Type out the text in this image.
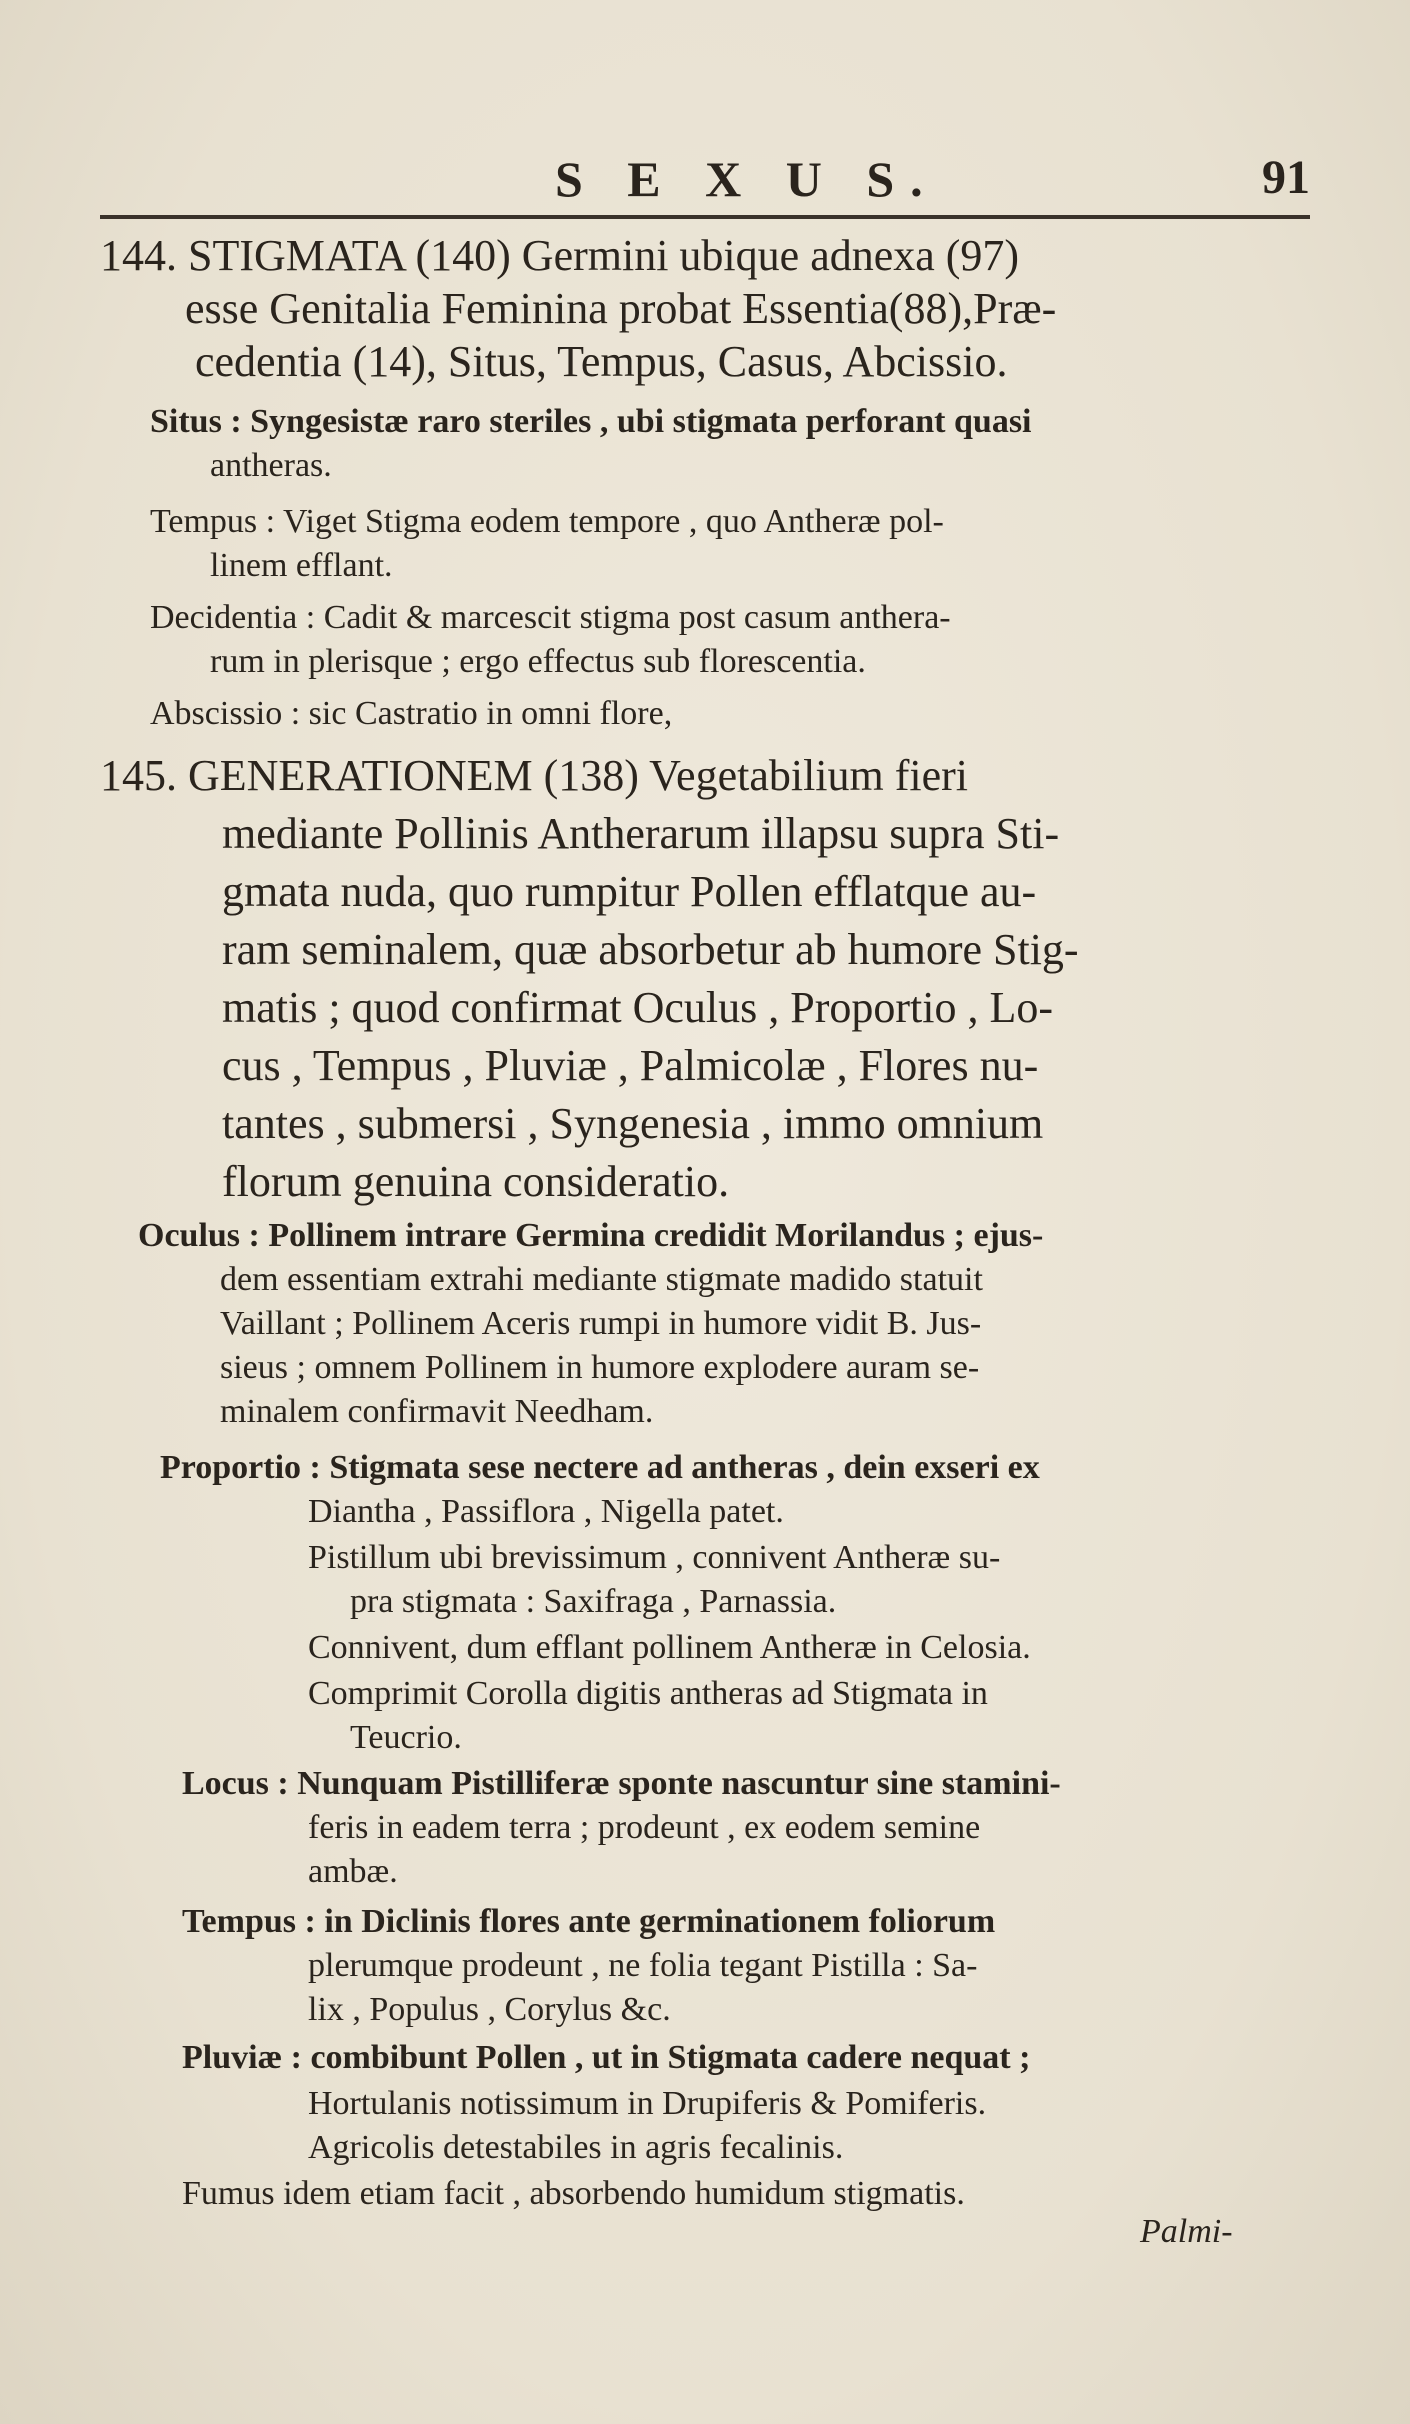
S E X U S.	91
144. STIGMATA (140) Germini ubique adnexa (97)
esse Genitalia Feminina probat Essentia(88),Præ-
cedentia (14), Situs, Tempus, Casus, Abcissio.
Situs : Syngesistæ raro steriles , ubi stigmata perforant quasi
antheras.
Tempus : Viget Stigma eodem tempore , quo Antheræ pol-
linem efflant.
Decidentia : Cadit & marcescit stigma post casum anthera-
rum in plerisque ; ergo effectus sub florescentia.
Abscissio : sic Castratio in omni flore,
145. GENERATIONEM (138) Vegetabilium fieri
mediante Pollinis Antherarum illapsu supra Sti-
gmata nuda, quo rumpitur Pollen efflatque au-
ram seminalem, quæ absorbetur ab humore Stig-
matis ; quod confirmat Oculus , Proportio , Lo-
cus , Tempus , Pluviæ , Palmicolæ , Flores nu-
tantes , submersi , Syngenesia , immo omnium
florum genuina consideratio.
Oculus : Pollinem intrare Germina credidit Morilandus ; ejus-
dem essentiam extrahi mediante stigmate madido statuit
Vaillant ; Pollinem Aceris rumpi in humore vidit B. Jus-
sieus ; omnem Pollinem in humore explodere auram se-
minalem confirmavit Needham.
Proportio : Stigmata sese nectere ad antheras , dein exseri ex
Diantha , Passiflora , Nigella patet.
Pistillum ubi brevissimum , connivent Antheræ su-
pra stigmata : Saxifraga , Parnassia.
Connivent, dum efflant pollinem Antheræ in Celosia.
Comprimit Corolla digitis antheras ad Stigmata in
Teucrio.
Locus : Nunquam Pistilliferæ sponte nascuntur sine stamini-
feris in eadem terra ; prodeunt , ex eodem semine
ambæ.
Tempus : in Diclinis flores ante germinationem foliorum
plerumque prodeunt , ne folia tegant Pistilla : Sa-
lix , Populus , Corylus &c.
Pluviæ : combibunt Pollen , ut in Stigmata cadere nequat ;
Hortulanis notissimum in Drupiferis & Pomiferis.
Agricolis detestabiles in agris fecalinis.
Fumus idem etiam facit , absorbendo humidum stigmatis.
Palmi-
